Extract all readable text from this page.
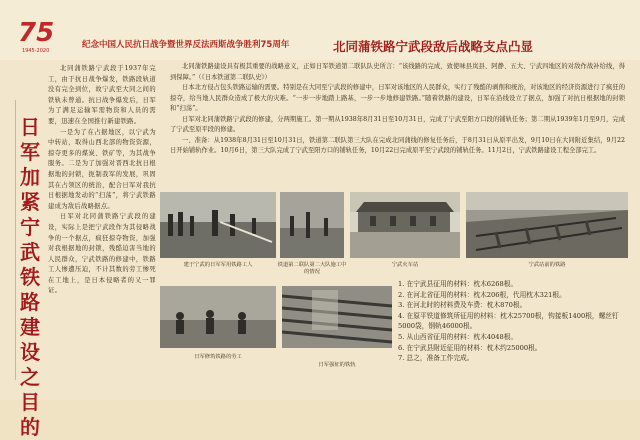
75
1945-2020
纪念中国人民抗日战争暨世界反法西斯战争胜利75周年	北同蒲铁路宁武段敌后战略支点凸显
日军加紧宁武铁路建设之目的

北同蒲铁路宁武段于1937年完工，由于抗日战争爆发，铁路段轨道没有完全到位，故宁武至大同之间的铁轨未曾通。抗日战争爆发后，日军为了满足运输军需物资和人员的需要，迅速在全国推行新建铁路。

一是为了在占据地区，以宁武为中转站，取得山西北部的物资资源，掠夺更多的煤炭、铁矿等，为其战争服务。二是为了加强对晋西北抗日根据地的封锁，扼制我军的发展，巩固其在占领区的统治，配合日军对我抗日根据地发动的“扫荡”，将宁武铁路建成为敌后战略据点。

日军对北同蒲铁路宁武段的建设，实际上是把宁武段作为其侵略战争的一个据点，疯狂掠夺物资，加强对我根据地的封锁，残酷迫害当地的人民群众，宁武铁路的修建中，铁路工人惨遭压迫，不计其数的劳工惨死在工地上，是日本侵略者的又一罪证。

北同蒲铁路建设具有极其重要的战略意义，正如日军铁道第二联队队史所言：“该线路的完成，致使味县岚县、阿静、五大、宁武四地区的对敌作战补给线，得到保障。”（《日本铁道第二联队史》）

日本北方侵占包头铁路运输的需要。特别是在大同至宁武段的修建中，日军对该地区的人民群众，实行了残酷的剥削和统治，对该地区的经济资源进行了疯狂的掠夺，给当地人民群众造成了极大的灾难。“一步一步地踏上路基，一步一步地修建铁路。”随着铁路的建设，日军在沿线设立了据点，加强了对抗日根据地的封锁和“扫荡”。

日军对北同蒲铁路宁武段的修建，分两期施工。第一期从1938年8月31日至10月31日，完成了宁武至阳方口段的铺轨任务；第二期从1939年1月至9月，完成了宁武至原平段的修建。

一、准备：从1938年8月31日至10月31日，铁道第二联队第三大队在完成北同蒲线的修复任务后，于8月31日从原平出发，9月10日在大同附近集结，9月22日开始铺轨作业。10月6日，第三大队完成了宁武至阳方口的铺轨任务，10月22日完成原平至宁武段的铺轨任务。11月2日，宁武铁路建设工程全部完工。

建于宁武的日军军用铁路工人	铁道第二联队第二大队施工中的情况
宁武火车站	宁武站前的铁路
日军修筑铁路的劳工
日军强征的铁轨
1. 在宁武县征用的材料：枕木6268根。
2. 在河北省征用的材料：枕木206根，代用枕木321根。
3. 在河北时的材料费及车费：枕木870根。
4. 在原平铁道修筑所征用的材料：枕木25700根，钩接板1400根，螺丝钉5000袋，钢轨46000根。
5. 从山西省征用的材料：枕木4048根。
6. 在宁武县附近征用的材料：枕木约25000根。
7. 总之，准备工作完成。
